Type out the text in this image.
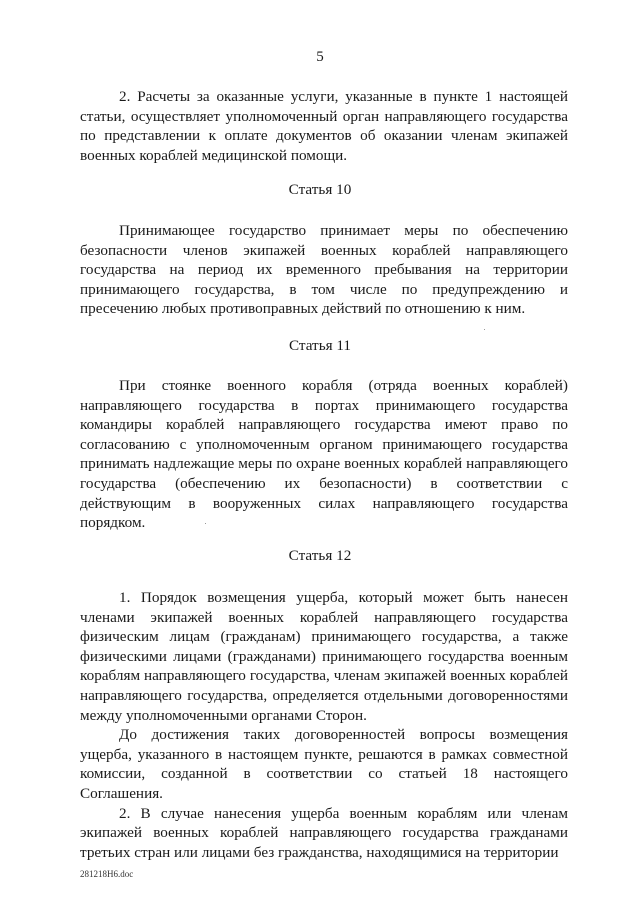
5

2. Расчеты за оказанные услуги, указанные в пункте 1 настоящей статьи, осуществляет уполномоченный орган направляющего государства по представлении к оплате документов об оказании членам экипажей военных кораблей медицинской помощи.

Статья 10

Принимающее государство принимает меры по обеспечению безопасности членов экипажей военных кораблей направляющего государства на период их временного пребывания на территории принимающего государства, в том числе по предупреждению и пресечению любых противоправных действий по отношению к ним.

Статья 11

При стоянке военного корабля (отряда военных кораблей) направляющего государства в портах принимающего государства командиры кораблей направляющего государства имеют право по согласованию с уполномоченным органом принимающего государства принимать надлежащие меры по охране военных кораблей направляющего государства (обеспечению их безопасности) в соответствии с действующим в вооруженных силах направляющего государства порядком.

Статья 12

1. Порядок возмещения ущерба, который может быть нанесен членами экипажей военных кораблей направляющего государства физическим лицам (гражданам) принимающего государства, а также физическими лицами (гражданами) принимающего государства военным кораблям направляющего государства, членам экипажей военных кораблей направляющего государства, определяется отдельными договоренностями между уполномоченными органами Сторон.

До достижения таких договоренностей вопросы возмещения ущерба, указанного в настоящем пункте, решаются в рамках совместной комиссии, созданной в соответствии со статьей 18 настоящего Соглашения.

2. В случае нанесения ущерба военным кораблям или членам экипажей военных кораблей направляющего государства гражданами третьих стран или лицами без гражданства, находящимися на территории

281218H6.doc
